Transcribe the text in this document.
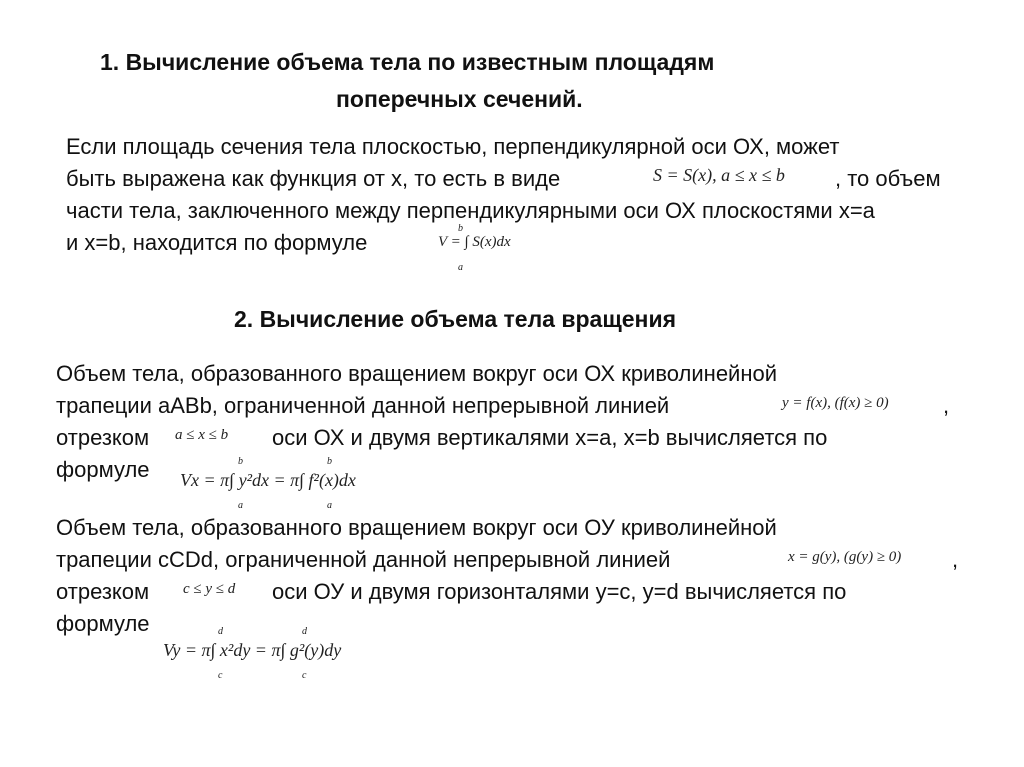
1. Вычисление объема тела по известным площадям
поперечных сечений.
Если площадь сечения тела плоскостью, перпендикулярной оси ОХ, может
быть выражена как функция от х, то есть в виде	S = S(x), a ≤ x ≤ b , то объем
части тела, заключенного между перпендикулярными оси ОХ плоскостями х=а
и х=b, находится по формуле	V = ∫ S(x)dx
b
a
2. Вычисление объема тела вращения
Объем тела, образованного вращением вокруг оси ОХ криволинейной
трапеции аАВb, ограниченной данной непрерывной линией	y = f(x), (f(x) ≥ 0) ,
отрезком a ≤ x ≤ b оси ОХ и двумя вертикалями х=а, х=b вычисляется по
формуле Vx = π∫ y²dx = π∫ f²(x)dx
b
a
b
a
Объем тела, образованного вращением вокруг оси ОУ криволинейной
трапеции cCDd, ограниченной данной непрерывной линией	x = g(y), (g(y) ≥ 0) ,
отрезком c ≤ y ≤ d оси ОУ и двумя горизонталями у=с, у=d вычисляется по
формуле
Vy = π∫ x²dy = π∫ g²(y)dy
d
c
d
c
